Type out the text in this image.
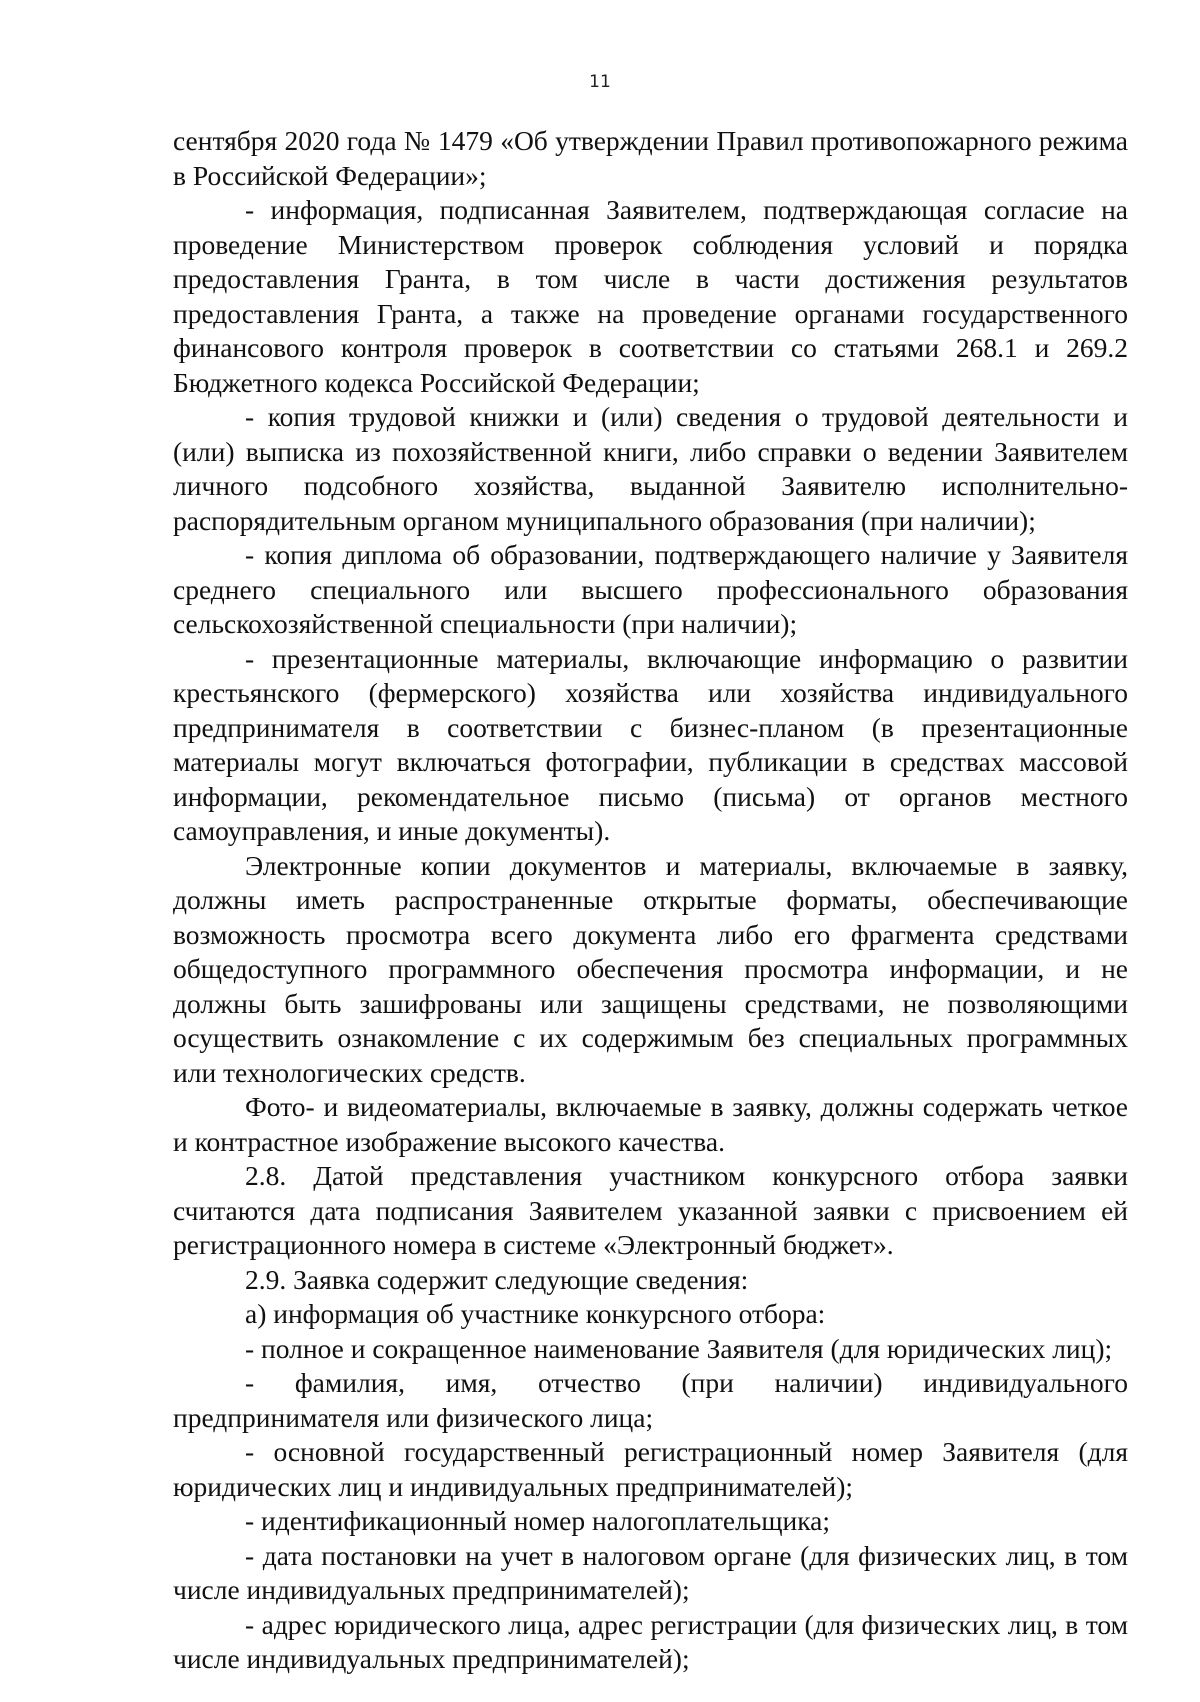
11

сентября 2020 года № 1479 «Об утверждении Правил противопожарного режима в Российской Федерации»;

- информация, подписанная Заявителем, подтверждающая согласие на проведение Министерством проверок соблюдения условий и порядка предоставления Гранта, в том числе в части достижения результатов предоставления Гранта, а также на проведение органами государственного финансового контроля проверок в соответствии со статьями 268.1 и 269.2 Бюджетного кодекса Российской Федерации;

- копия трудовой книжки и (или) сведения о трудовой деятельности и (или) выписка из похозяйственной книги, либо справки о ведении Заявителем личного подсобного хозяйства, выданной Заявителю исполнительно-распорядительным органом муниципального образования (при наличии);

- копия диплома об образовании, подтверждающего наличие у Заявителя среднего специального или высшего профессионального образования сельскохозяйственной специальности (при наличии);

- презентационные материалы, включающие информацию о развитии крестьянского (фермерского) хозяйства или хозяйства индивидуального предпринимателя в соответствии с бизнес-планом (в презентационные материалы могут включаться фотографии, публикации в средствах массовой информации, рекомендательное письмо (письма) от органов местного самоуправления, и иные документы).

Электронные копии документов и материалы, включаемые в заявку, должны иметь распространенные открытые форматы, обеспечивающие возможность просмотра всего документа либо его фрагмента средствами общедоступного программного обеспечения просмотра информации, и не должны быть зашифрованы или защищены средствами, не позволяющими осуществить ознакомление с их содержимым без специальных программных или технологических средств.

Фото- и видеоматериалы, включаемые в заявку, должны содержать четкое и контрастное изображение высокого качества.

2.8. Датой представления участником конкурсного отбора заявки считаются дата подписания Заявителем указанной заявки с присвоением ей регистрационного номера в системе «Электронный бюджет».

2.9. Заявка содержит следующие сведения:

а) информация об участнике конкурсного отбора:

- полное и сокращенное наименование Заявителя (для юридических лиц);

- фамилия, имя, отчество (при наличии) индивидуального предпринимателя или физического лица;

- основной государственный регистрационный номер Заявителя (для юридических лиц и индивидуальных предпринимателей);

- идентификационный номер налогоплательщика;

- дата постановки на учет в налоговом органе (для физических лиц, в том числе индивидуальных предпринимателей);

- адрес юридического лица, адрес регистрации (для физических лиц, в том числе индивидуальных предпринимателей);
